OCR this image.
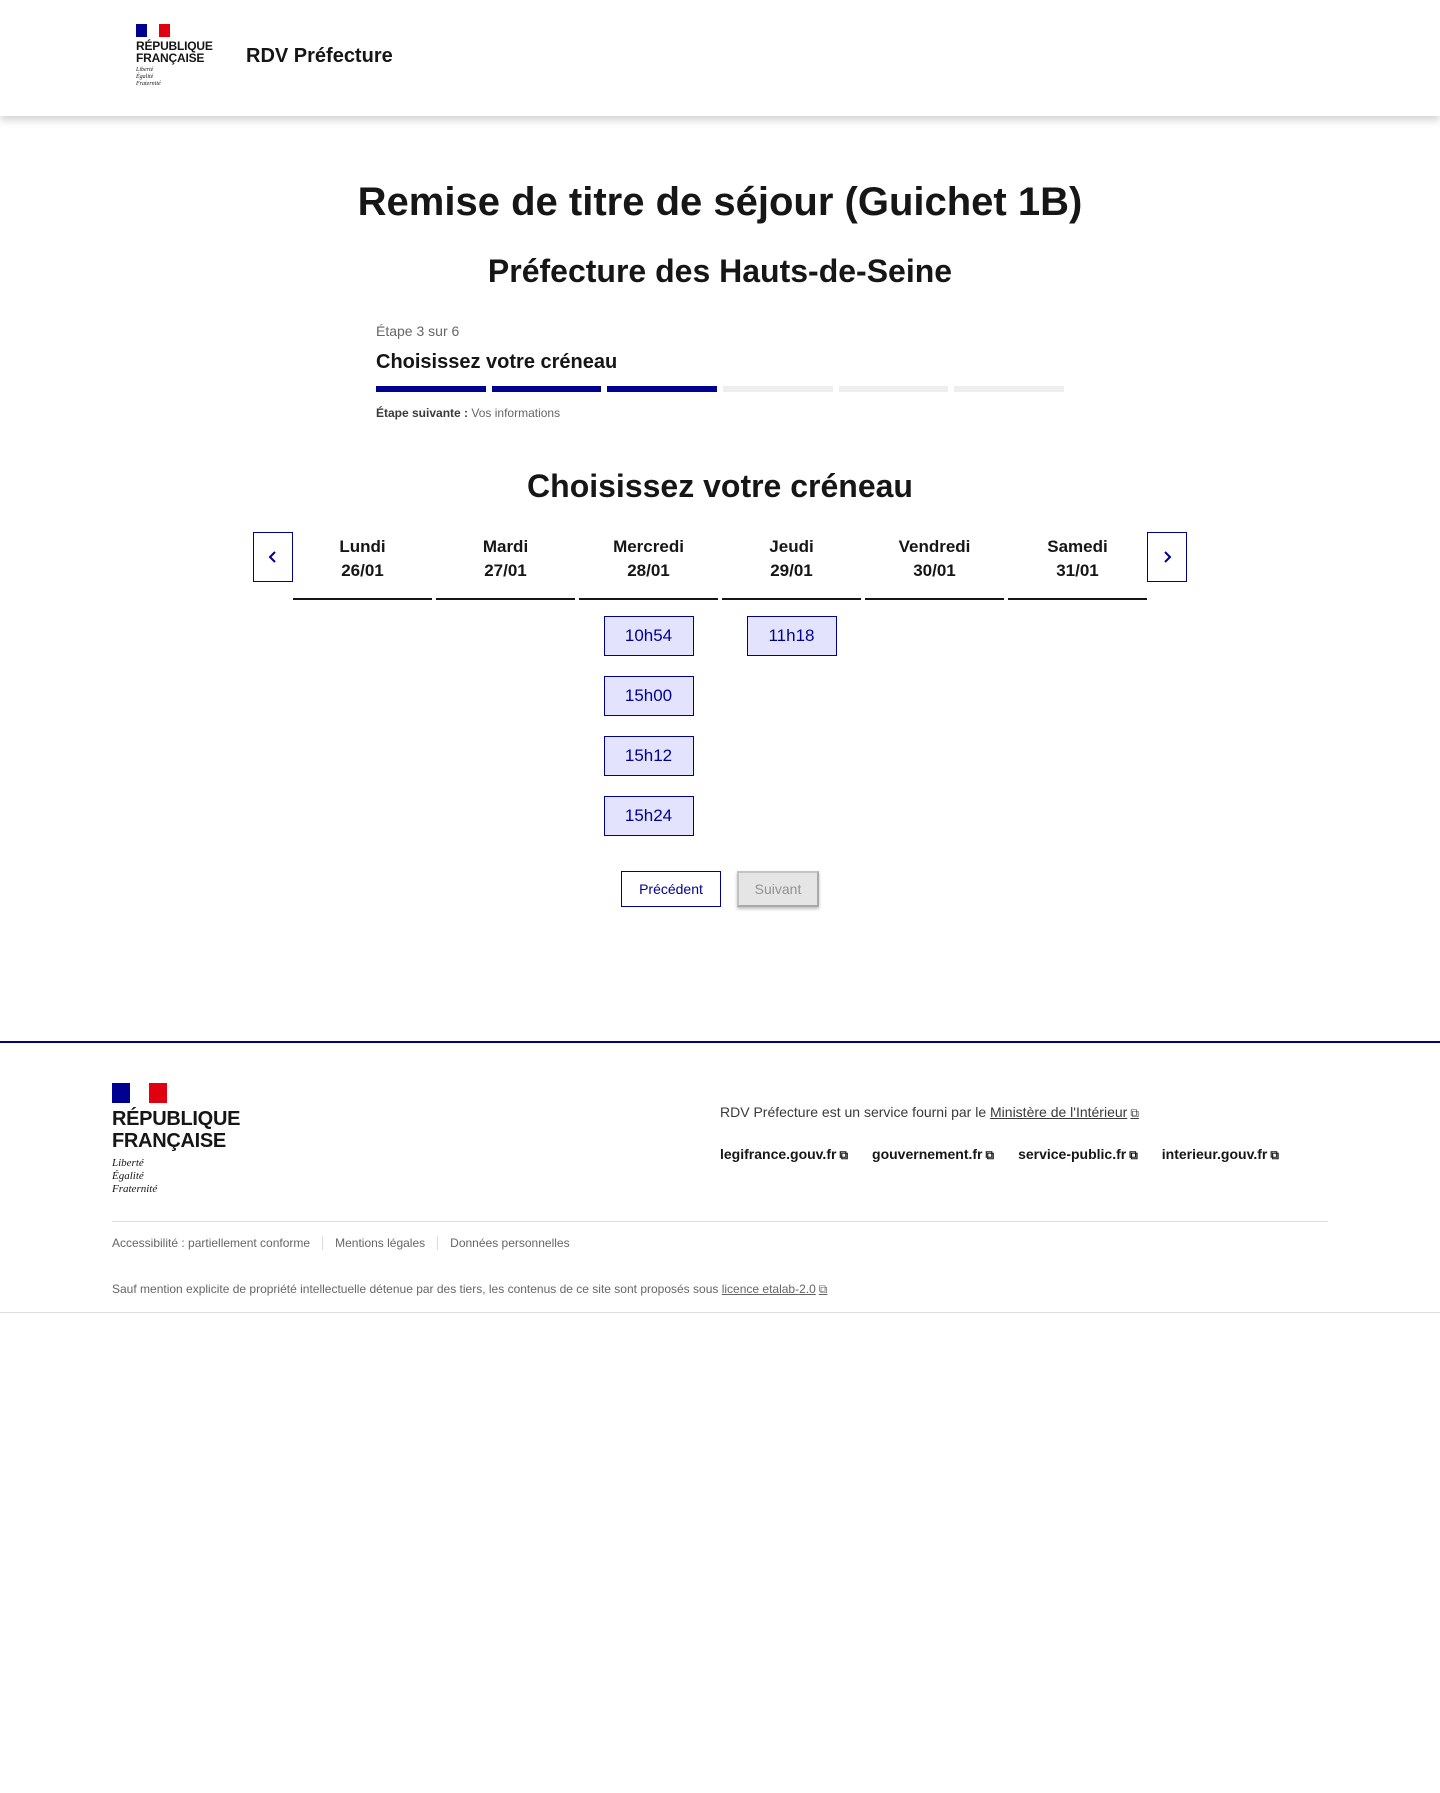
RÉPUBLIQUE
FRANÇAISE
Liberté
Égalité
Fraternité
RDV Préfecture
Remise de titre de séjour (Guichet 1B)
Préfecture des Hauts-de-Seine
Étape 3 sur 6
Choisissez votre créneau
Étape suivante : Vos informations
Choisissez votre créneau
Lundi
26/01
Mardi
27/01
Mercredi
28/01
10h54
15h00
15h12
15h24
Jeudi
29/01
11h18
Vendredi
30/01
Samedi
31/01
Précédent	Suivant
RÉPUBLIQUE
FRANÇAISE
Liberté
Égalité
Fraternité
RDV Préfecture est un service fourni par le Ministère de l'Intérieur ⧉
legifrance.gouv.fr ⧉ gouvernement.fr ⧉ service-public.fr ⧉ interieur.gouv.fr ⧉
Accessibilité : partiellement conforme	Mentions légales	Données personnelles
Sauf mention explicite de propriété intellectuelle détenue par des tiers, les contenus de ce site sont proposés sous licence etalab-2.0 ⧉
